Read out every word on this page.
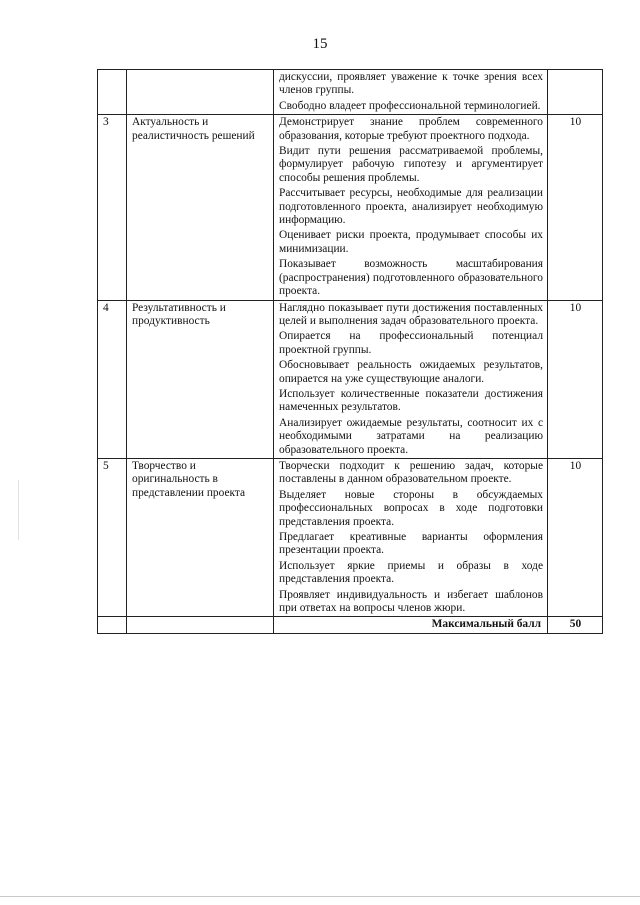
15

		дискуссии, проявляет уважение к точке зрения всех членов группы.

Свободно владеет профессиональной терминологией.	

3	Актуальность и реалистичность решений	Демонстрирует знание проблем современного образования, которые требуют проектного подхода.

Видит пути решения рассматриваемой проблемы, формулирует рабочую гипотезу и аргументирует способы решения проблемы.

Рассчитывает ресурсы, необходимые для реализации подготовленного проекта, анализирует необходимую информацию.

Оценивает риски проекта, продумывает способы их минимизации.

Показывает возможность масштабирования (распространения) подготовленного образовательного проекта.	10
4	Результативность и продуктивность	Наглядно показывает пути достижения поставленных целей и выполнения задач образовательного проекта.

Опирается на профессиональный потенциал проектной группы.

Обосновывает реальность ожидаемых результатов, опирается на уже существующие аналоги.

Использует количественные показатели достижения намеченных результатов.

Анализирует ожидаемые результаты, соотносит их с необходимыми затратами на реализацию образовательного проекта.	10
5	Творчество и оригинальность в представлении проекта	Творчески подходит к решению задач, которые поставлены в данном образовательном проекте.

Выделяет новые стороны в обсуждаемых профессиональных вопросах в ходе подготовки представления проекта.

Предлагает креативные варианты оформления презентации проекта.

Использует яркие приемы и образы в ходе представления проекта.

Проявляет индивидуальность и избегает шаблонов при ответах на вопросы членов жюри.	10
		Максимальный балл	50
